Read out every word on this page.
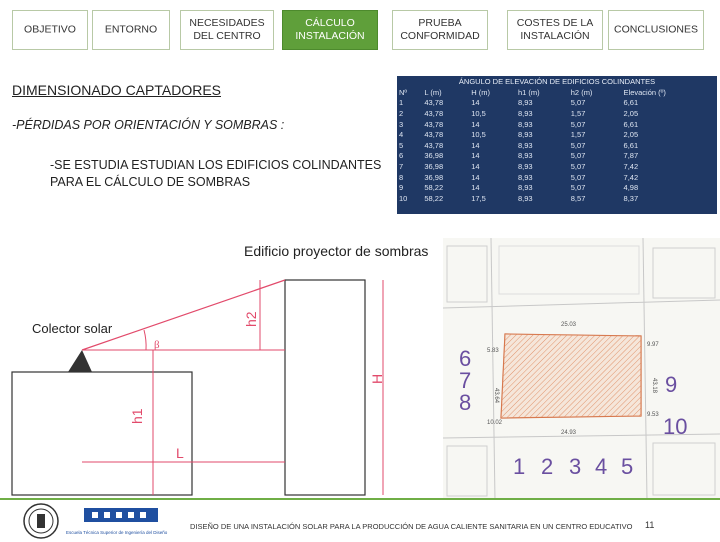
OBJETIVO	ENTORNO
NECESIDADES DEL CENTRO
CÁLCULO INSTALACIÓN
PRUEBA CONFORMIDAD
COSTES DE LA INSTALACIÓN
CONCLUSIONES
DIMENSIONADO CAPTADORES
-PÉRDIDAS POR ORIENTACIÓN Y SOMBRAS :
-SE ESTUDIA ESTUDIAN LOS EDIFICIOS COLINDANTES PARA EL CÁLCULO DE SOMBRAS
ÁNGULO DE ELEVACIÓN DE EDIFICIOS COLINDANTES					
Nº	L (m)	H (m)	h1 (m)	h2 (m)	Elevación (º)
1	43,78	14	8,93	5,07	6,61
2	43,78	10,5	8,93	1,57	2,05
3	43,78	14	8,93	5,07	6,61
4	43,78	10,5	8,93	1,57	2,05
5	43,78	14	8,93	5,07	6,61
6	36,98	14	8,93	5,07	7,87
7	36,98	14	8,93	5,07	7,42
8	36,98	14	8,93	5,07	7,42
9	58,22	14	8,93	5,07	4,98
10	58,22	17,5	8,93	8,57	8,37
Edificio proyector de sombras
Colector solar
β
h2
H
h1
L
25.03
24.93
5.83
9.97
10.02
9.53
43.18
43.64
6
7
8
9
10
1 2 3 4 5
Escuela Técnica Superior de Ingeniería del Diseño
DISEÑO DE UNA INSTALACIÓN SOLAR PARA LA PRODUCCIÓN DE AGUA CALIENTE SANITARIA EN UN CENTRO EDUCATIVO 11
